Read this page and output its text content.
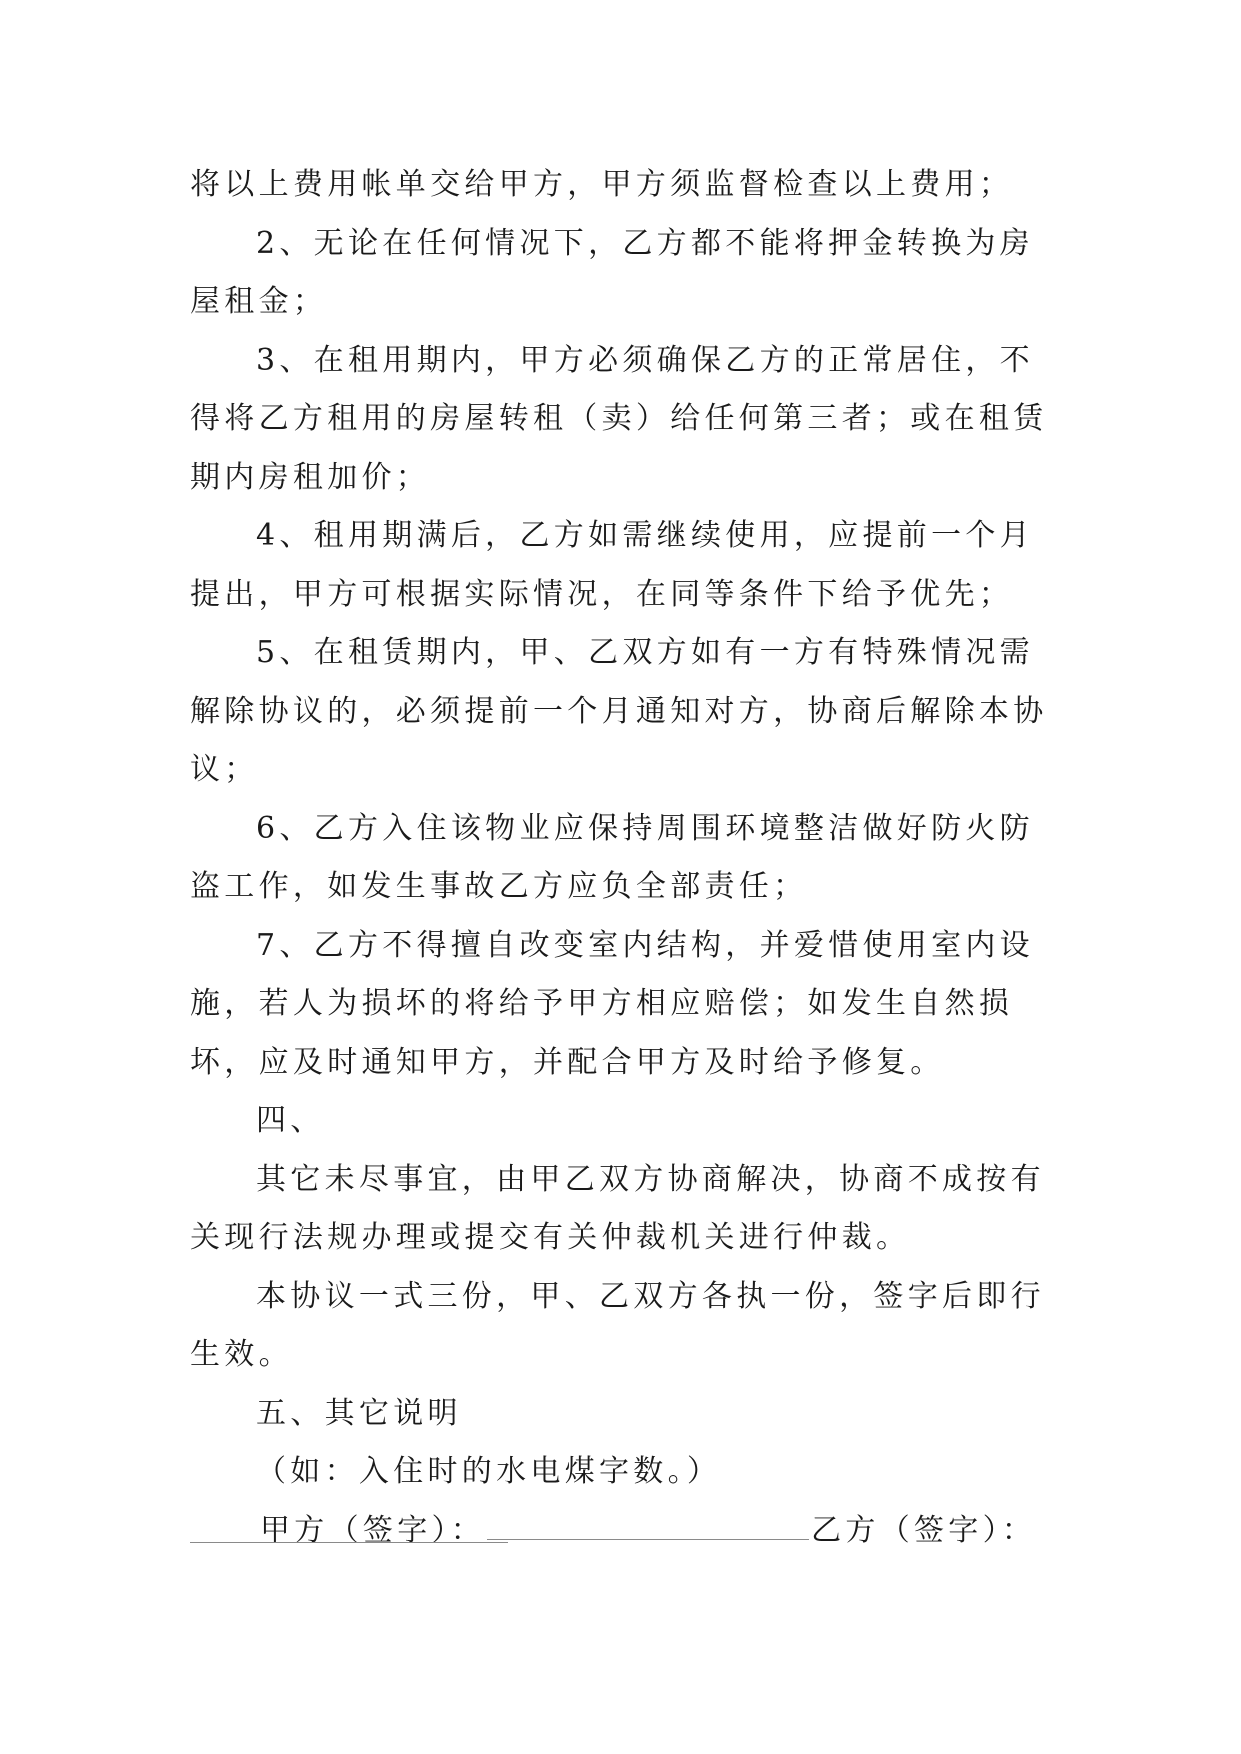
将以上费用帐单交给甲方，甲方须监督检查以上费用；

2、无论在任何情况下，乙方都不能将押金转换为房屋租金；

3、在租用期内，甲方必须确保乙方的正常居住，不得将乙方租用的房屋转租（卖）给任何第三者；或在租赁期内房租加价；

4、租用期满后，乙方如需继续使用，应提前一个月提出，甲方可根据实际情况，在同等条件下给予优先；

5、在租赁期内，甲、乙双方如有一方有特殊情况需解除协议的，必须提前一个月通知对方，协商后解除本协议；

6、乙方入住该物业应保持周围环境整洁做好防火防盗工作，如发生事故乙方应负全部责任；

7、乙方不得擅自改变室内结构，并爱惜使用室内设施，若人为损坏的将给予甲方相应赔偿；如发生自然损坏，应及时通知甲方，并配合甲方及时给予修复。

四、

其它未尽事宜，由甲乙双方协商解决，协商不成按有关现行法规办理或提交有关仲裁机关进行仲裁。

本协议一式三份，甲、乙双方各执一份，签字后即行生效。

五、其它说明

（如：入住时的水电煤字数。）

甲方（签字）：	乙方（签字）：
